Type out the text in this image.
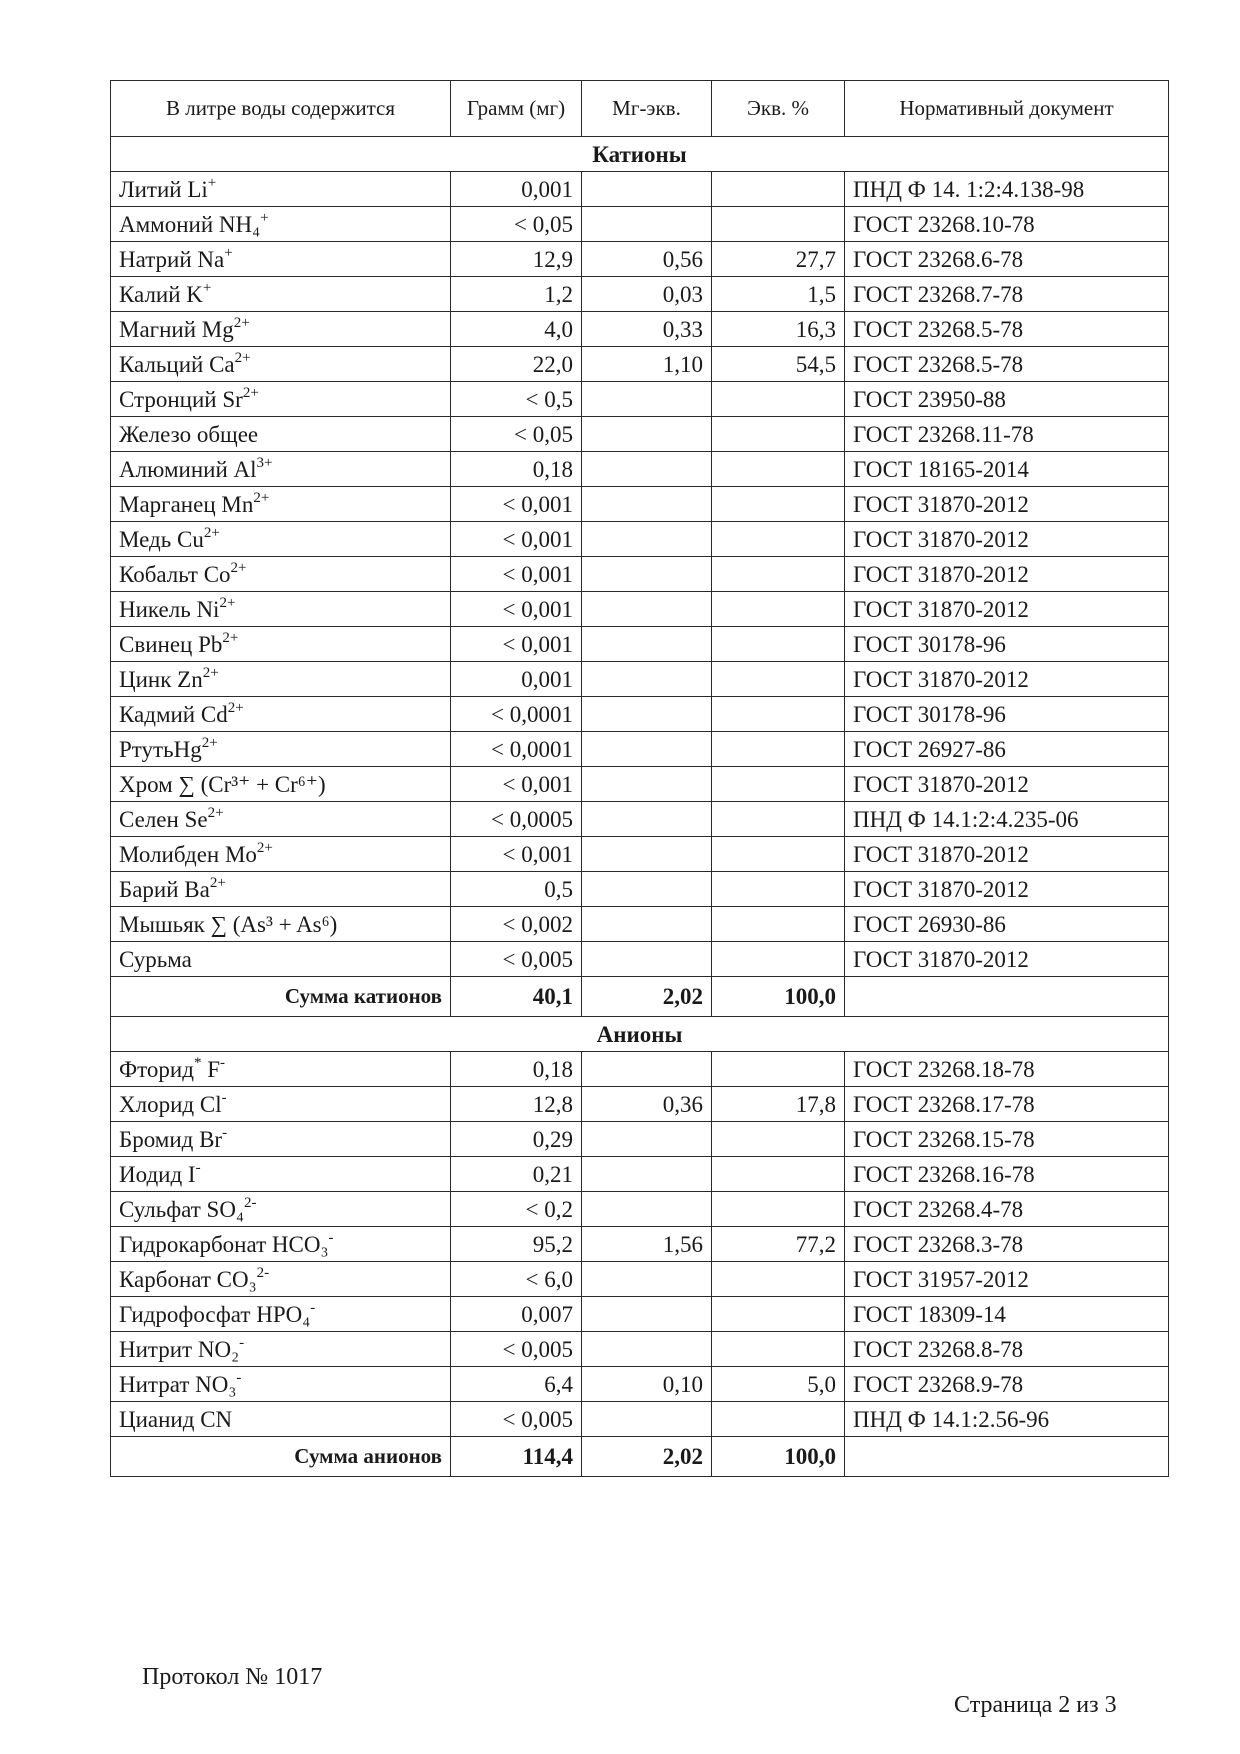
В литре воды содержится	Грамм (мг)	Мг-экв.	Экв. %	Нормативный документ
Катионы				
Литий Li+	0,001			ПНД Ф 14. 1:2:4.138-98
Аммоний NH₄+	< 0,05			ГОСТ 23268.10-78
Натрий Na+	12,9	0,56	27,7	ГОСТ 23268.6-78
Калий K+	1,2	0,03	1,5	ГОСТ 23268.7-78
Магний $Mg^{2+}$	4,0	0,33	16,3	ГОСТ 23268.5-78
Кальций $Ca^{2+}$	22,0	1,10	54,5	ГОСТ 23268.5-78
Стронций $Sr^{2+}$	< 0,5			ГОСТ 23950-88
Железо общее	< 0,05			ГОСТ 23268.11-78
Алюминий $Al^{3+}$	0,18			ГОСТ 18165-2014
Марганец $Mn^{2+}$	< 0,001			ГОСТ 31870-2012
Медь $Cu^{2+}$	< 0,001			ГОСТ 31870-2012
Кобальт $Co^{2+}$	< 0,001			ГОСТ 31870-2012
Никель $Ni^{2+}$	< 0,001			ГОСТ 31870-2012
Свинец $Pb^{2+}$	< 0,001			ГОСТ 30178-96
Цинк $Zn^{2+}$	0,001			ГОСТ 31870-2012
Кадмий $Cd^{2+}$	< 0,0001			ГОСТ 30178-96
РтутьHg$^{2+}$	< 0,0001			ГОСТ 26927-86
Хром ∑ (Cr³⁺ + Cr⁶⁺)	< 0,001			ГОСТ 31870-2012
Селен $Se^{2+}$	< 0,0005			ПНД Ф 14.1:2:4.235-06
Молибден $Mo^{2+}$	< 0,001			ГОСТ 31870-2012
Барий $Ba^{2+}$	0,5			ГОСТ 31870-2012
Мышьяк ∑ (As³ + As⁶)	< 0,002			ГОСТ 26930-86
Сурьма	< 0,005			ГОСТ 31870-2012
Сумма катионов	40,1	2,02	100,0	
Анионы				
Фторид* F-	0,18			ГОСТ 23268.18-78
Хлорид Cl-	12,8	0,36	17,8	ГОСТ 23268.17-78
Бромид Br-	0,29			ГОСТ 23268.15-78
Иодид I-	0,21			ГОСТ 23268.16-78
Сульфат SO₄$^{2-}$	< 0,2			ГОСТ 23268.4-78
Гидрокарбонат HCO₃-	95,2	1,56	77,2	ГОСТ 23268.3-78
Карбонат CO₃$^{2-}$	< 6,0			ГОСТ 31957-2012
Гидрофосфат HPO₄-	0,007			ГОСТ 18309-14
Нитрит NO₂-	< 0,005			ГОСТ 23268.8-78
Нитрат NO₃-	6,4	0,10	5,0	ГОСТ 23268.9-78
Цианид CN	< 0,005			ПНД Ф 14.1:2.56-96
Сумма анионов	114,4	2,02	100,0	
Протокол № 1017
Страница 2 из 3
